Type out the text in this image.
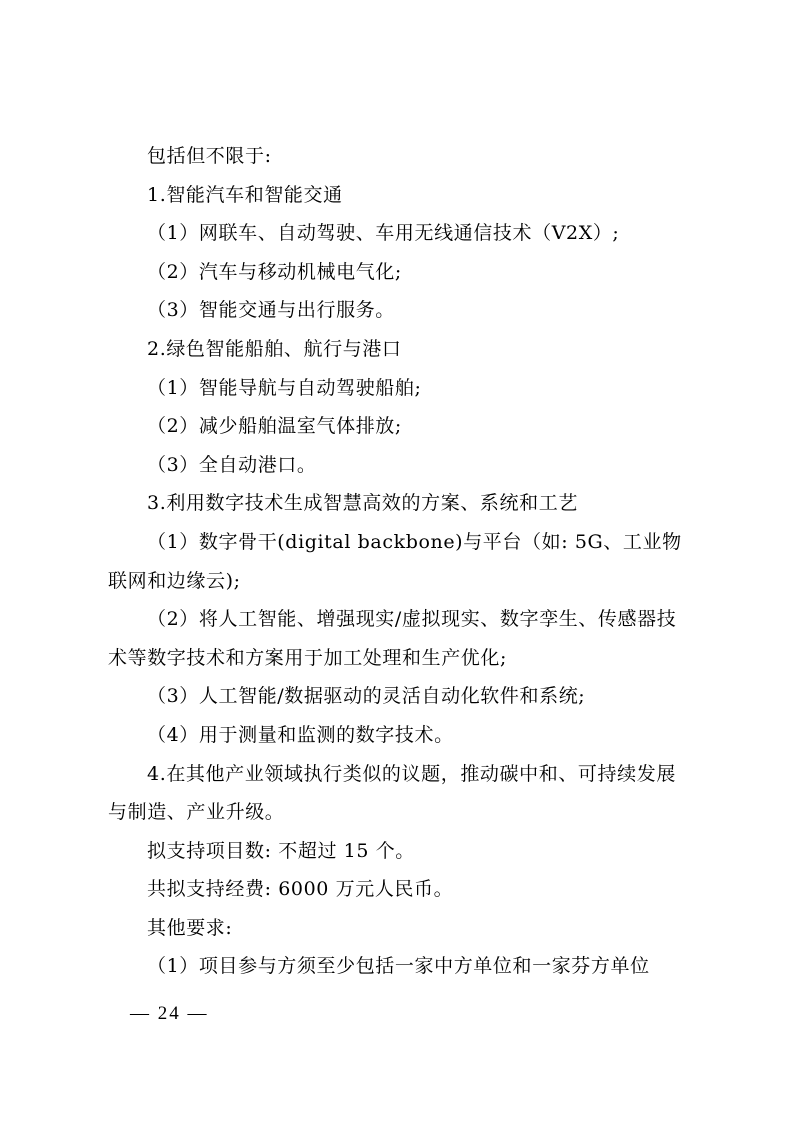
包括但不限于:

1.智能汽车和智能交通

（1）网联车、自动驾驶、车用无线通信技术（V2X）;

（2）汽车与移动机械电气化;

（3）智能交通与出行服务。

2.绿色智能船舶、航行与港口

（1）智能导航与自动驾驶船舶;

（2）减少船舶温室气体排放;

（3）全自动港口。

3.利用数字技术生成智慧高效的方案、系统和工艺

（1）数字骨干(digital backbone)与平台（如: 5G、工业物联网和边缘云);

（2）将人工智能、增强现实/虚拟现实、数字孪生、传感器技术等数字技术和方案用于加工处理和生产优化;

（3）人工智能/数据驱动的灵活自动化软件和系统;

（4）用于测量和监测的数字技术。

4.在其他产业领域执行类似的议题，推动碳中和、可持续发展与制造、产业升级。

拟支持项目数: 不超过 15 个。

共拟支持经费: 6000 万元人民币。

其他要求:

（1）项目参与方须至少包括一家中方单位和一家芬方单位

— 24 —
